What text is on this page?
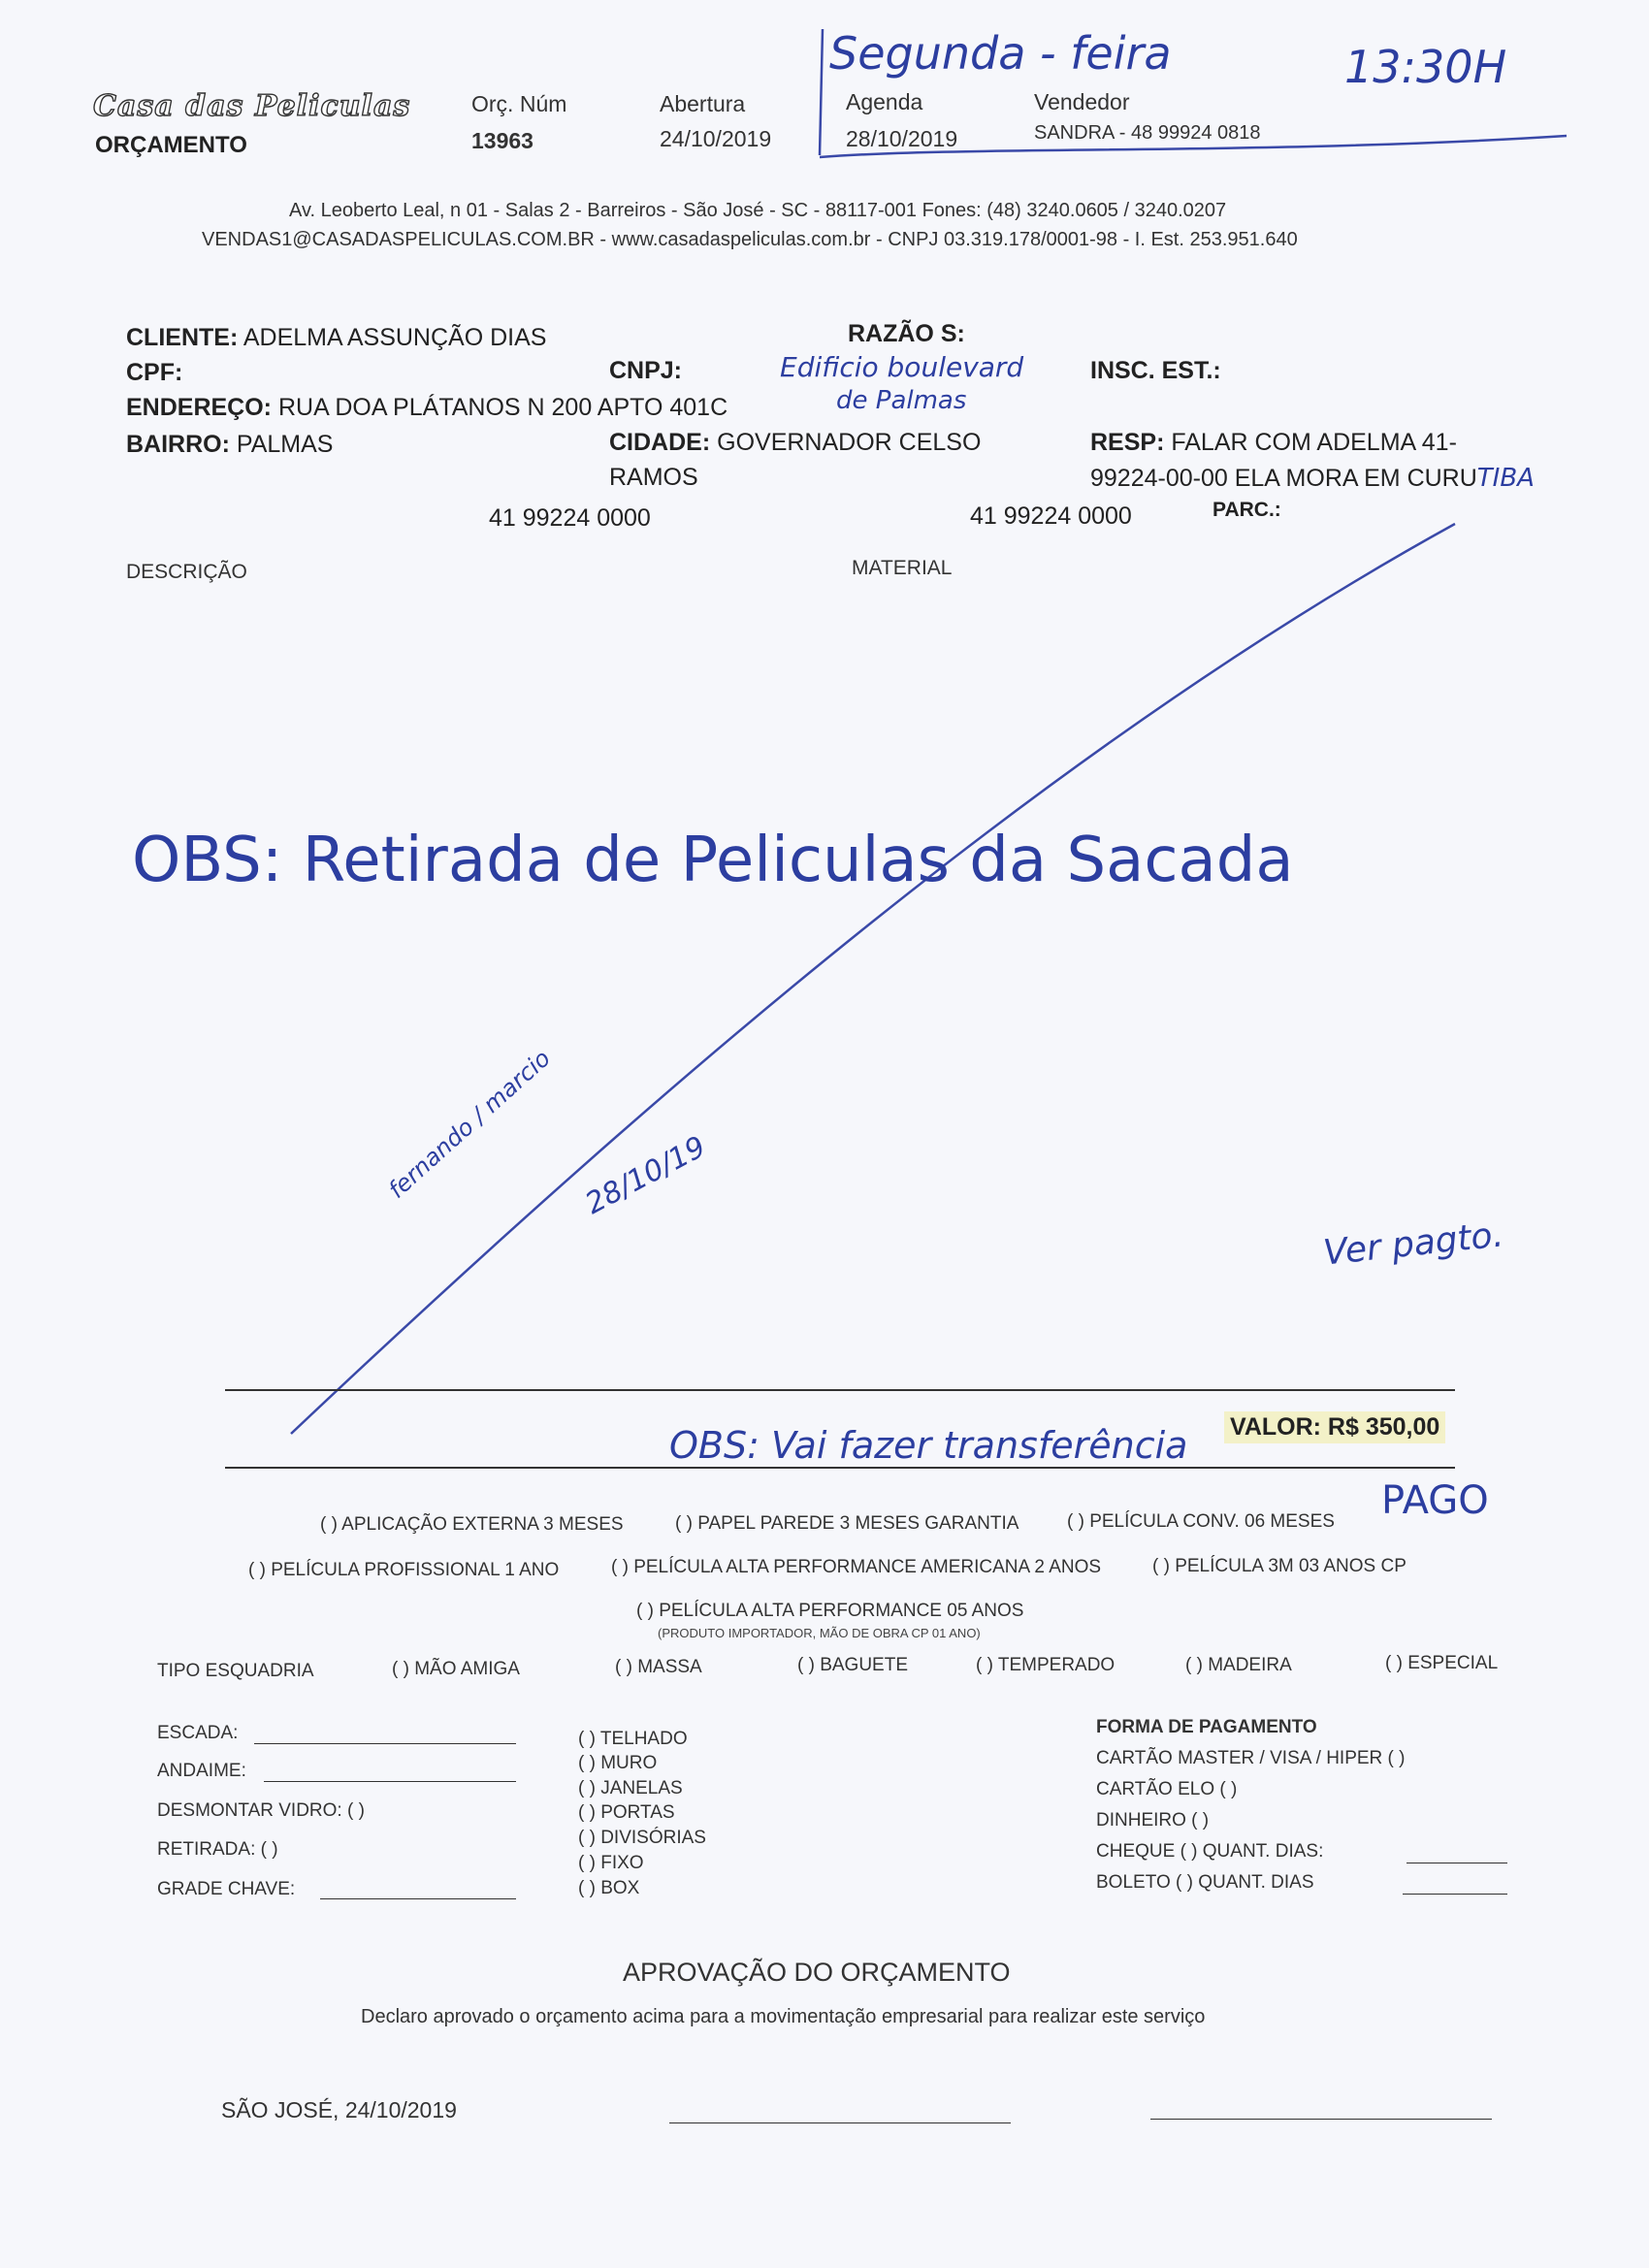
Casa das Peliculas
ORÇAMENTO
Orç. Núm
13963
Abertura
24/10/2019
Agenda
28/10/2019
Vendedor
SANDRA - 48 99924 0818
Segunda - feira	13:30H
Av. Leoberto Leal, n 01 - Salas 2 - Barreiros - São José - SC - 88117-001 Fones: (48) 3240.0605 / 3240.0207
VENDAS1@CASADASPELICULAS.COM.BR - www.casadaspeliculas.com.br - CNPJ 03.319.178/0001-98 - I. Est. 253.951.640
CLIENTE: ADELMA ASSUNÇÃO DIAS	RAZÃO S:
Edificio boulevard
de Palmas
CPF:	CNPJ:	INSC. EST.:
ENDEREÇO: RUA DOA PLÁTANOS N 200 APTO 401C
BAIRRO: PALMAS	CIDADE: GOVERNADOR CELSO
RAMOS
RESP: FALAR COM ADELMA 41-
99224-00-00 ELA MORA EM CURUTIBA
41 99224 0000	41 99224 0000	PARC.:
DESCRIÇÃO	MATERIAL
OBS: Retirada de Peliculas da Sacada
fernando / marcio 28/10/19
Ver pagto.
VALOR: R$ 350,00
OBS: Vai fazer transferência
PAGO
( ) APLICAÇÃO EXTERNA 3 MESES	( ) PAPEL PAREDE 3 MESES GARANTIA	( ) PELÍCULA CONV. 06 MESES
( ) PELÍCULA PROFISSIONAL 1 ANO	( ) PELÍCULA ALTA PERFORMANCE AMERICANA 2 ANOS	( ) PELÍCULA 3M 03 ANOS CP
( ) PELÍCULA ALTA PERFORMANCE 05 ANOS
(PRODUTO IMPORTADOR, MÃO DE OBRA CP 01 ANO)
TIPO ESQUADRIA	( ) MÃO AMIGA	( ) MASSA	( ) BAGUETE	( ) TEMPERADO	( ) MADEIRA	( ) ESPECIAL
ESCADA:
ANDAIME:
DESMONTAR VIDRO: ( )
RETIRADA: ( )
GRADE CHAVE:
( ) TELHADO
( ) MURO
( ) JANELAS
( ) PORTAS
( ) DIVISÓRIAS
( ) FIXO
( ) BOX
FORMA DE PAGAMENTO
CARTÃO MASTER / VISA / HIPER ( )
CARTÃO ELO ( )
DINHEIRO ( )
CHEQUE ( ) QUANT. DIAS:
BOLETO ( ) QUANT. DIAS
APROVAÇÃO DO ORÇAMENTO
Declaro aprovado o orçamento acima para a movimentação empresarial para realizar este serviço
SÃO JOSÉ, 24/10/2019
